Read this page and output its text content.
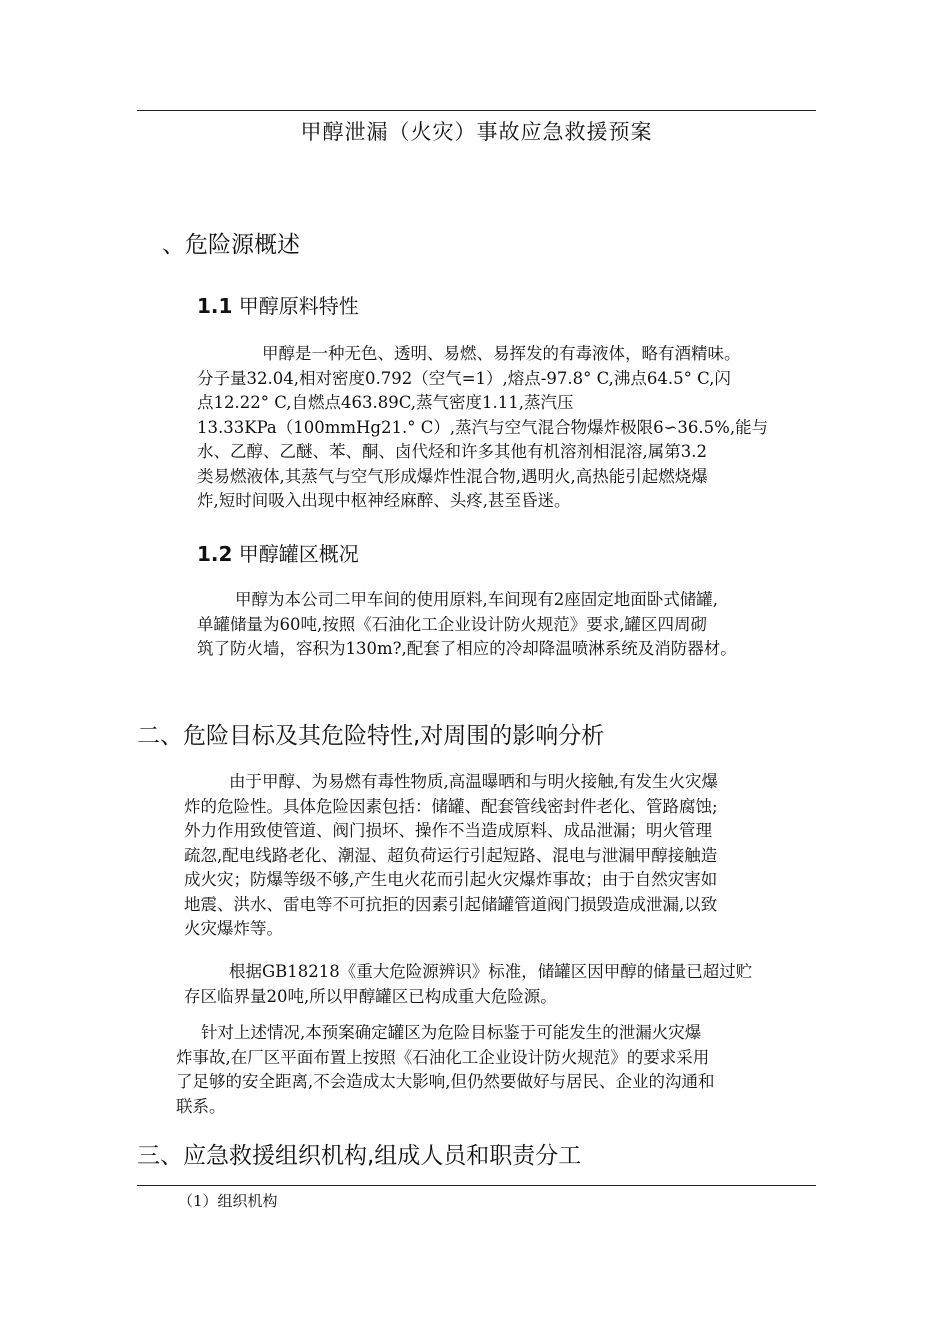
甲醇泄漏（火灾）事故应急救援预案
、危险源概述
1.1 甲醇原料特性
甲醇是一种无色、透明、易燃、易挥发的有毒液体，略有酒精味。
分子量32.04,相对密度0.792（空气=1）,熔点-97.8° C,沸点64.5° C,闪
点12.22° C,自燃点463.89C,蒸气密度1.11,蒸汽压
13.33KPa（100mmHg21.° C）,蒸汽与空气混合物爆炸极限6∽36.5%,能与
水、乙醇、乙醚、苯、酮、卤代烃和许多其他有机溶剂相混溶,属第3.2
类易燃液体,其蒸气与空气形成爆炸性混合物,遇明火,高热能引起燃烧爆
炸,短时间吸入出现中枢神经麻醉、头疼,甚至昏迷。
1.2 甲醇罐区概况
甲醇为本公司二甲车间的使用原料,车间现有2座固定地面卧式储罐,
单罐储量为60吨,按照《石油化工企业设计防火规范》要求,罐区四周砌
筑了防火墙，容积为130m?,配套了相应的冷却降温喷淋系统及消防器材。
二、危险目标及其危险特性,对周围的影响分析
由于甲醇、为易燃有毒性物质,高温曝晒和与明火接触,有发生火灾爆
炸的危险性。具体危险因素包括：储罐、配套管线密封件老化、管路腐蚀;
外力作用致使管道、阀门损坏、操作不当造成原料、成品泄漏；明火管理
疏忽,配电线路老化、潮湿、超负荷运行引起短路、混电与泄漏甲醇接触造
成火灾；防爆等级不够,产生电火花而引起火灾爆炸事故；由于自然灾害如
地震、洪水、雷电等不可抗拒的因素引起储罐管道阀门损毁造成泄漏,以致
火灾爆炸等。
根据GB18218《重大危险源辨识》标准，储罐区因甲醇的储量已超过贮
存区临界量20吨,所以甲醇罐区已构成重大危险源。
针对上述情况,本预案确定罐区为危险目标鉴于可能发生的泄漏火灾爆
炸事故,在厂区平面布置上按照《石油化工企业设计防火规范》的要求采用
了足够的安全距离,不会造成太大影响,但仍然要做好与居民、企业的沟通和
联系。
三、应急救援组织机构,组成人员和职责分工
（1）组织机构
